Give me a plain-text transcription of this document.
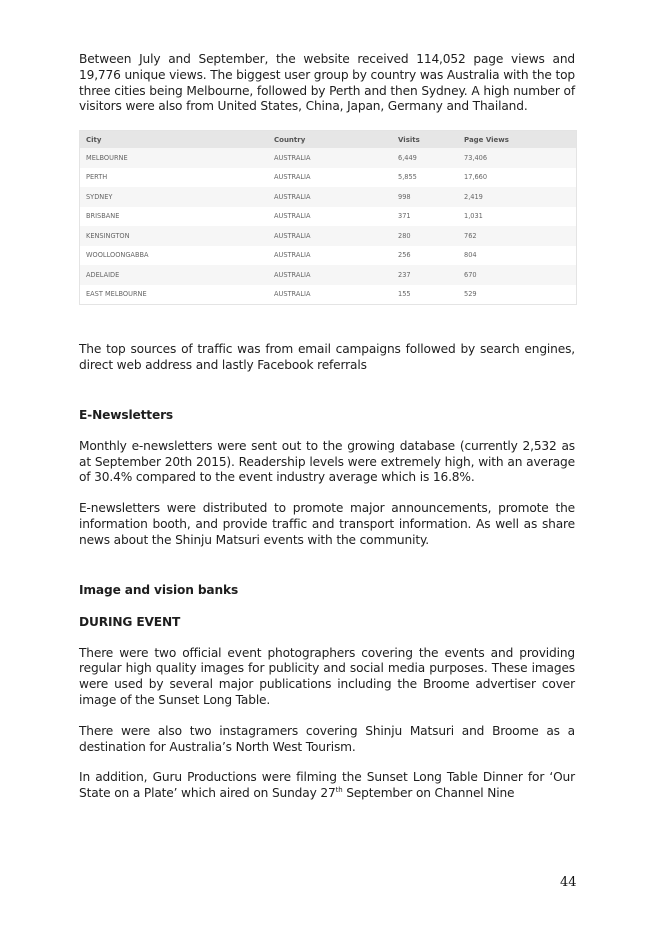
Between July and September, the website received 114,052 page views and 19,776 unique views. The biggest user group by country was Australia with the top three cities being Melbourne, followed by Perth and then Sydney. A high number of visitors were also from United States, China, Japan, Germany and Thailand.

City	Country	Visits	Page Views
MELBOURNE	AUSTRALIA	6,449	73,406
PERTH	AUSTRALIA	5,855	17,660
SYDNEY	AUSTRALIA	998	2,419
BRISBANE	AUSTRALIA	371	1,031
KENSINGTON	AUSTRALIA	280	762
WOOLLOONGABBA	AUSTRALIA	256	804
ADELAIDE	AUSTRALIA	237	670
EAST MELBOURNE	AUSTRALIA	155	529

The top sources of traffic was from email campaigns followed by search engines, direct web address and lastly Facebook referrals

E-Newsletters

Monthly e-newsletters were sent out to the growing database (currently 2,532 as at September 20th 2015). Readership levels were extremely high, with an average of 30.4% compared to the event industry average which is 16.8%.

E-newsletters were distributed to promote major announcements, promote the information booth, and provide traffic and transport information. As well as share news about the Shinju Matsuri events with the community.

Image and vision banks
DURING EVENT

There were two official event photographers covering the events and providing regular high quality images for publicity and social media purposes. These images were used by several major publications including the Broome advertiser cover image of the Sunset Long Table.

There were also two instagramers covering Shinju Matsuri and Broome as a destination for Australia’s North West Tourism.

In addition, Guru Productions were filming the Sunset Long Table Dinner for ‘Our State on a Plate’ which aired on Sunday 27th September on Channel Nine

44
